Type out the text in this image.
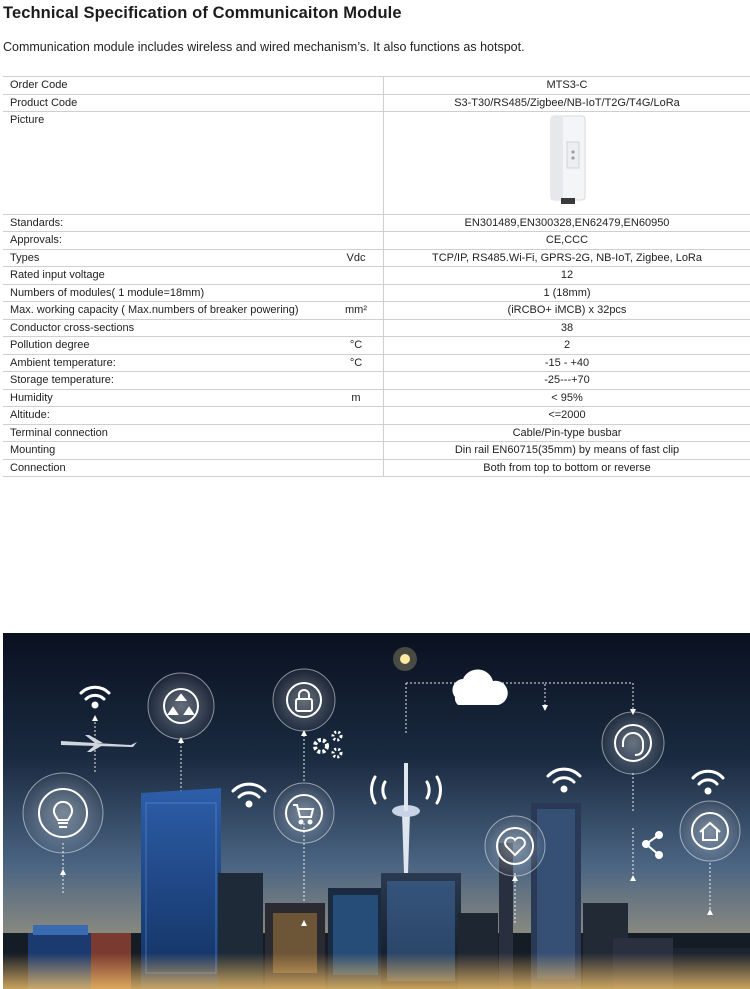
Technical Specification of Communicaiton Module
Communication module includes wireless and wired mechanism’s. It also functions as hotspot.
Order Code		MTS3-C
Product Code		S3-T30/RS485/Zigbee/NB-IoT/T2G/T4G/LoRa
Picture		
Standards:		EN301489,EN300328,EN62479,EN60950
Approvals:		CE,CCC
Types	Vdc	TCP/IP, RS485.Wi-Fi, GPRS-2G, NB-IoT, Zigbee, LoRa
Rated input voltage		12
Numbers of modules( 1 module=18mm)		1 (18mm)
Max. working capacity ( Max.numbers of breaker powering)	mm²	(iRCBO+ iMCB) x 32pcs
Conductor cross-sections		38
Pollution degree	°C	2
Ambient temperature:	°C	-15 - +40
Storage temperature:		-25---+70
Humidity	m	< 95%
Altitude:		<=2000
Terminal connection		Cable/Pin-type busbar
Mounting		Din rail EN60715(35mm) by means of fast clip
Connection		Both from top to bottom or reverse
